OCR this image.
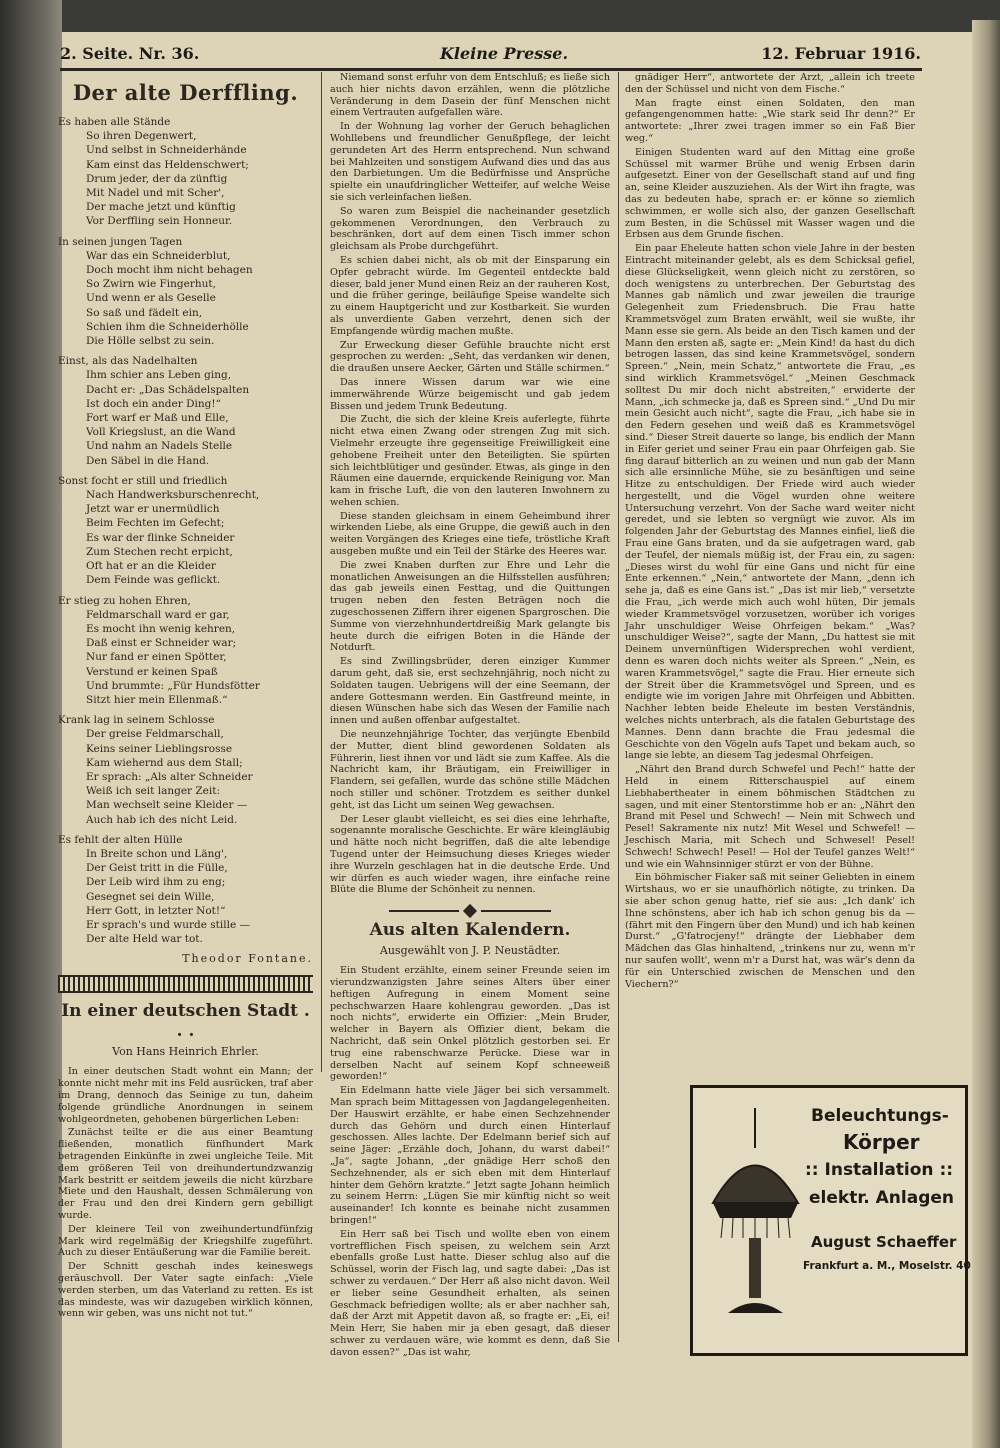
2. Seite. Nr. 36.	Kleine Presse.	12. Februar 1916.
Der alte Derffling.
Es haben alle Stände
So ihren Degenwert,
Und selbst in Schneiderhände
Kam einst das Heldenschwert;
Drum jeder, der da zünftig
Mit Nadel und mit Scher',
Der mache jetzt und künftig
Vor Derffling sein Honneur.
In seinen jungen Tagen
War das ein Schneiderblut,
Doch mocht ihm nicht behagen
So Zwirn wie Fingerhut,
Und wenn er als Geselle
So saß und fädelt ein,
Schien ihm die Schneiderhölle
Die Hölle selbst zu sein.
Einst, als das Nadelhalten
Ihm schier ans Leben ging,
Dacht er: „Das Schädelspalten
Ist doch ein ander Ding!“
Fort warf er Maß und Elle,
Voll Kriegslust, an die Wand
Und nahm an Nadels Stelle
Den Säbel in die Hand.
Sonst focht er still und friedlich
Nach Handwerksburschenrecht,
Jetzt war er unermüdlich
Beim Fechten im Gefecht;
Es war der flinke Schneider
Zum Stechen recht erpicht,
Oft hat er an die Kleider
Dem Feinde was geflickt.
Er stieg zu hohen Ehren,
Feldmarschall ward er gar,
Es mocht ihn wenig kehren,
Daß einst er Schneider war;
Nur fand er einen Spötter,
Verstund er keinen Spaß
Und brummte: „Für Hundsfötter
Sitzt hier mein Ellenmaß.“
Krank lag in seinem Schlosse
Der greise Feldmarschall,
Keins seiner Lieblingsrosse
Kam wiehernd aus dem Stall;
Er sprach: „Als alter Schneider
Weiß ich seit langer Zeit:
Man wechselt seine Kleider —
Auch hab ich des nicht Leid.
Es fehlt der alten Hülle
In Breite schon und Läng',
Der Geist tritt in die Fülle,
Der Leib wird ihm zu eng;
Gesegnet sei dein Wille,
Herr Gott, in letzter Not!“
Er sprach's und wurde stille —
Der alte Held war tot.
Theodor Fontane.
In einer deutschen Stadt . . .
Von Hans Heinrich Ehrler.

In einer deutschen Stadt wohnt ein Mann; der konnte nicht mehr mit ins Feld ausrücken, traf aber im Drang, dennoch das Seinige zu tun, daheim folgende gründliche Anordnungen in seinem wohlgeordneten, gehobenen bürgerlichen Leben:

Zunächst teilte er die aus einer Beamtung fließenden, monatlich fünfhundert Mark betragenden Einkünfte in zwei ungleiche Teile. Mit dem größeren Teil von dreihundertundzwanzig Mark bestritt er seitdem jeweils die nicht kürzbare Miete und den Haushalt, dessen Schmälerung von der Frau und den drei Kindern gern gebilligt wurde.

Der kleinere Teil von zweihundertundfünfzig Mark wird regelmäßig der Kriegshilfe zugeführt. Auch zu dieser Entäußerung war die Familie bereit.

Der Schnitt geschah indes keineswegs geräuschvoll. Der Vater sagte einfach: „Viele werden sterben, um das Vaterland zu retten. Es ist das mindeste, was wir dazugeben wirklich können, wenn wir geben, was uns nicht not tut.“

Niemand sonst erfuhr von dem Entschluß; es ließe sich auch hier nichts davon erzählen, wenn die plötzliche Veränderung in dem Dasein der fünf Menschen nicht einem Vertrauten aufgefallen wäre.

In der Wohnung lag vorher der Geruch behaglichen Wohllebens und freundlicher Genußpflege, der leicht gerundeten Art des Herrn entsprechend. Nun schwand bei Mahlzeiten und sonstigem Aufwand dies und das aus den Darbietungen. Um die Bedürfnisse und Ansprüche spielte ein unaufdringlicher Wetteifer, auf welche Weise sie sich verleinfachen ließen.

So waren zum Beispiel die nacheinander gesetzlich gekommenen Verordnungen, den Verbrauch zu beschränken, dort auf dem einen Tisch immer schon gleichsam als Probe durchgeführt.

Es schien dabei nicht, als ob mit der Einsparung ein Opfer gebracht würde. Im Gegenteil entdeckte bald dieser, bald jener Mund einen Reiz an der rauheren Kost, und die früher geringe, beiläufige Speise wandelte sich zu einem Hauptgericht und zur Kostbarkeit. Sie wurden als unverdiente Gaben verzehrt, denen sich der Empfangende würdig machen mußte.

Zur Erweckung dieser Gefühle brauchte nicht erst gesprochen zu werden: „Seht, das verdanken wir denen, die draußen unsere Aecker, Gärten und Ställe schirmen.“

Das innere Wissen darum war wie eine immerwährende Würze beigemischt und gab jedem Bissen und jedem Trunk Bedeutung.

Die Zucht, die sich der kleine Kreis auferlegte, führte nicht etwa einen Zwang oder strengen Zug mit sich. Vielmehr erzeugte ihre gegenseitige Freiwilligkeit eine gehobene Freiheit unter den Beteiligten. Sie spürten sich leichtblütiger und gesünder. Etwas, als ginge in den Räumen eine dauernde, erquickende Reinigung vor. Man kam in frische Luft, die von den lauteren Inwohnern zu wehen schien.

Diese standen gleichsam in einem Geheimbund ihrer wirkenden Liebe, als eine Gruppe, die gewiß auch in den weiten Vorgängen des Krieges eine tiefe, tröstliche Kraft ausgeben mußte und ein Teil der Stärke des Heeres war.

Die zwei Knaben durften zur Ehre und Lehr die monatlichen Anweisungen an die Hilfsstellen ausführen; das gab jeweils einen Festtag, und die Quittungen trugen neben den festen Beträgen noch die zugeschossenen Ziffern ihrer eigenen Spargroschen. Die Summe von vierzehnhundertdreißig Mark gelangte bis heute durch die eifrigen Boten in die Hände der Notdurft.

Es sind Zwillingsbrüder, deren einziger Kummer darum geht, daß sie, erst sechzehnjährig, noch nicht zu Soldaten taugen. Uebrigens will der eine Seemann, der andere Gottesmann werden. Ein Gastfreund meinte, in diesen Wünschen habe sich das Wesen der Familie nach innen und außen offenbar aufgestaltet.

Die neunzehnjährige Tochter, das verjüngte Ebenbild der Mutter, dient blind gewordenen Soldaten als Führerin, liest ihnen vor und lädt sie zum Kaffee. Als die Nachricht kam, ihr Bräutigam, ein Freiwilliger in Flandern, sei gefallen, wurde das schöne stille Mädchen noch stiller und schöner. Trotzdem es seither dunkel geht, ist das Licht um seinen Weg gewachsen.

Der Leser glaubt vielleicht, es sei dies eine lehrhafte, sogenannte moralische Geschichte. Er wäre kleingläubig und hätte noch nicht begriffen, daß die alte lebendige Tugend unter der Heimsuchung dieses Krieges wieder ihre Wurzeln geschlagen hat in die deutsche Erde. Und wir dürfen es auch wieder wagen, ihre einfache reine Blüte die Blume der Schönheit zu nennen.

Aus alten Kalendern.
Ausgewählt von J. P. Neustädter.

Ein Student erzählte, einem seiner Freunde seien im vierundzwanzigsten Jahre seines Alters über einer heftigen Aufregung in einem Moment seine pechschwarzen Haare kohlengrau geworden. „Das ist noch nichts“, erwiderte ein Offizier: „Mein Bruder, welcher in Bayern als Offizier dient, bekam die Nachricht, daß sein Onkel plötzlich gestorben sei. Er trug eine rabenschwarze Perücke. Diese war in derselben Nacht auf seinem Kopf schneeweiß geworden!“

Ein Edelmann hatte viele Jäger bei sich versammelt. Man sprach beim Mittagessen von Jagdangelegenheiten. Der Hauswirt erzählte, er habe einen Sechzehnender durch das Gehörn und durch einen Hinterlauf geschossen. Alles lachte. Der Edelmann berief sich auf seine Jäger: „Erzähle doch, Johann, du warst dabei!“ „Ja“, sagte Johann, „der gnädige Herr schoß den Sechzehnender, als er sich eben mit dem Hinterlauf hinter dem Gehörn kratzte.“ Jetzt sagte Johann heimlich zu seinem Herrn: „Lügen Sie mir künftig nicht so weit auseinander! Ich konnte es beinahe nicht zusammen bringen!“

Ein Herr saß bei Tisch und wollte eben von einem vortrefflichen Fisch speisen, zu welchem sein Arzt ebenfalls große Lust hatte. Dieser schlug also auf die Schüssel, worin der Fisch lag, und sagte dabei: „Das ist schwer zu verdauen.“ Der Herr aß also nicht davon. Weil er lieber seine Gesundheit erhalten, als seinen Geschmack befriedigen wollte; als er aber nachher sah, daß der Arzt mit Appetit davon aß, so fragte er: „Ei, ei! Mein Herr, Sie haben mir ja eben gesagt, daß dieser schwer zu verdauen wäre, wie kommt es denn, daß Sie davon essen?“ „Das ist wahr,

gnädiger Herr“, antwortete der Arzt, „allein ich treete den der Schüssel und nicht von dem Fische.“

Man fragte einst einen Soldaten, den man gefangengenommen hatte: „Wie stark seid Ihr denn?“ Er antwortete: „Ihrer zwei tragen immer so ein Faß Bier weg.“

Einigen Studenten ward auf den Mittag eine große Schüssel mit warmer Brühe und wenig Erbsen darin aufgesetzt. Einer von der Gesellschaft stand auf und fing an, seine Kleider auszuziehen. Als der Wirt ihn fragte, was das zu bedeuten habe, sprach er: er könne so ziemlich schwimmen, er wolle sich also, der ganzen Gesellschaft zum Besten, in die Schüssel mit Wasser wagen und die Erbsen aus dem Grunde fischen.

Ein paar Eheleute hatten schon viele Jahre in der besten Eintracht miteinander gelebt, als es dem Schicksal gefiel, diese Glückseligkeit, wenn gleich nicht zu zerstören, so doch wenigstens zu unterbrechen. Der Geburtstag des Mannes gab nämlich und zwar jeweilen die traurige Gelegenheit zum Friedensbruch. Die Frau hatte Krammetsvögel zum Braten erwählt, weil sie wußte, ihr Mann esse sie gern. Als beide an den Tisch kamen und der Mann den ersten aß, sagte er: „Mein Kind! da hast du dich betrogen lassen, das sind keine Krammetsvögel, sondern Spreen.“ „Nein, mein Schatz,“ antwortete die Frau, „es sind wirklich Krammetsvögel.“ „Meinen Geschmack solltest Du mir doch nicht abstreiten,“ erwiderte der Mann, „ich schmecke ja, daß es Spreen sind.“ „Und Du mir mein Gesicht auch nicht“, sagte die Frau, „ich habe sie in den Federn gesehen und weiß daß es Krammetsvögel sind.“ Dieser Streit dauerte so lange, bis endlich der Mann in Eifer geriet und seiner Frau ein paar Ohrfeigen gab. Sie fing darauf bitterlich an zu weinen und nun gab der Mann sich alle ersinnliche Mühe, sie zu besänftigen und seine Hitze zu entschuldigen. Der Friede wird auch wieder hergestellt, und die Vögel wurden ohne weitere Untersuchung verzehrt. Von der Sache ward weiter nicht geredet, und sie lebten so vergnügt wie zuvor. Als im folgenden Jahr der Geburtstag des Mannes einfiel, ließ die Frau eine Gans braten, und da sie aufgetragen ward, gab der Teufel, der niemals müßig ist, der Frau ein, zu sagen: „Dieses wirst du wohl für eine Gans und nicht für eine Ente erkennen.“ „Nein,“ antwortete der Mann, „denn ich sehe ja, daß es eine Gans ist.“ „Das ist mir lieb,“ versetzte die Frau, „ich werde mich auch wohl hüten, Dir jemals wieder Krammetsvögel vorzusetzen, worüber ich voriges Jahr unschuldiger Weise Ohrfeigen bekam.“ „Was? unschuldiger Weise?“, sagte der Mann, „Du hattest sie mit Deinem unvernünftigen Widersprechen wohl verdient, denn es waren doch nichts weiter als Spreen.“ „Nein, es waren Krammetsvögel,“ sagte die Frau. Hier erneute sich der Streit über die Krammetsvögel und Spreen, und es endigte wie im vorigen Jahre mit Ohrfeigen und Abbitten. Nachher lebten beide Eheleute im besten Verständnis, welches nichts unterbrach, als die fatalen Geburtstage des Mannes. Denn dann brachte die Frau jedesmal die Geschichte von den Vögeln aufs Tapet und bekam auch, so lange sie lebte, an diesem Tag jedesmal Ohrfeigen.

„Nährt den Brand durch Schwefel und Pech!“ hatte der Held in einem Ritterschauspiel auf einem Liebhabertheater in einem böhmischen Städtchen zu sagen, und mit einer Stentorstimme hob er an: „Nährt den Brand mit Pesel und Schwech! — Nein mit Schwech und Pesel! Sakramente nix nutz! Mit Wesel und Schwefel! — Jeschisch Maria, mit Schech und Schwesel! Pesel! Schwech! Schwech! Pesel! — Hol der Teufel ganzes Welt!“ und wie ein Wahnsinniger stürzt er von der Bühne.

Ein böhmischer Fiaker saß mit seiner Geliebten in einem Wirtshaus, wo er sie unaufhörlich nötigte, zu trinken. Da sie aber schon genug hatte, rief sie aus: „Ich dank' ich Ihne schönstens, aber ich hab ich schon genug bis da — (fährt mit den Fingern über den Mund) und ich hab keinen Durst.“ „G'fatrocjeny!“ drängte der Liebhaber dem Mädchen das Glas hinhaltend, „trinkens nur zu, wenn m'r nur saufen wollt', wenn m'r a Durst hat, was wär's denn da für ein Unterschied zwischen de Menschen und den Viechern?“

Beleuchtungs-
Körper
:: Installation ::
elektr. Anlagen
August Schaeffer
Frankfurt a. M., Moselstr. 40
